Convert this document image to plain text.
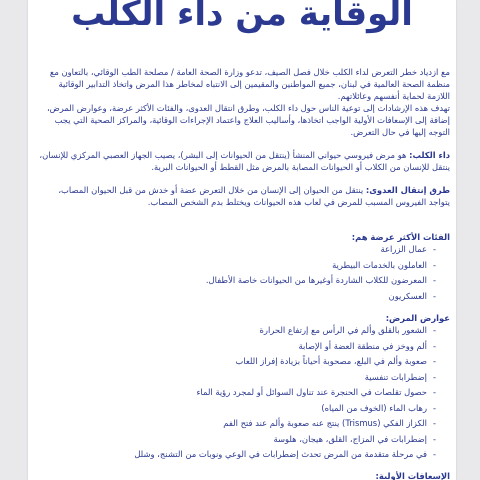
الوقاية من داء الكلب

مع ازدياد خطر التعرض لداء الكلب خلال فصل الصيف، تدعو وزارة الصحة العامة / مصلحة الطب الوقائي، بالتعاون مع منظمة الصحة العالمية في لبنان، جميع المواطنين والمقيمين إلى الانتباه لمخاطر هذا المرض واتخاذ التدابير الوقائية اللازمة لحماية أنفسهم وعائلاتهم.

تهدف هذه الإرشادات إلى توعية الناس حول داء الكلب، وطرق انتقال العدوى، والفئات الأكثر عرضة، وعوارض المرض، إضافة إلى الإسعافات الأولية الواجب اتخاذها، وأساليب العلاج واعتماد الإجراءات الوقائية، والمراكز الصحية التي يجب التوجه إليها في حال التعرض.

داء الكلب: هو مرض فيروسي حيواني المنشأ (ينتقل من الحيوانات إلى البشر)، يصيب الجهاز العصبي المركزي للإنسان، ينتقل للإنسان من الكلاب أو الحيوانات المصابة بالمرض مثل القطط أو الحيوانات البرية.

طرق إنتقال العدوى: ينتقل من الحيوان إلى الإنسان من خلال التعرض عضة أو خدش من قبل الحيوان المصاب، يتواجد الفيروس المسبب للمرض في لعاب هذه الحيوانات ويختلط بدم الشخص المصاب.

الفئات الأكثر عرضة هم:

- عمال الزراعة
- العاملون بالخدمات البيطرية
- المعرضون للكلاب الشاردة أوغيرها من الحيوانات خاصة الأطفال.
- العسكريون

عوارض المرض:

- الشعور بالقلق وألم في الرأس مع إرتفاع الحرارة
- ألم ووخز في منطقة العضة أو الإصابة
- صعوبة وألم في البلع، مصحوبة أحياناً بزيادة إفراز اللعاب
- إضطرابات تنفسية
- حصول تقلصات في الحنجرة عند تناول السوائل أو لمجرد رؤية الماء
- رهاب الماء (الخوف من المياه)
- الكزاز الفكي (Trismus) ينتج عنه صعوبة وألم عند فتح الفم
- إضطرابات في المزاج، القلق، هيجان، هلوسة
- في مرحلة متقدمة من المرض تحدث إضطرابات في الوعي ونوبات من التشنج، وشلل

الإسعافات الأولية:
